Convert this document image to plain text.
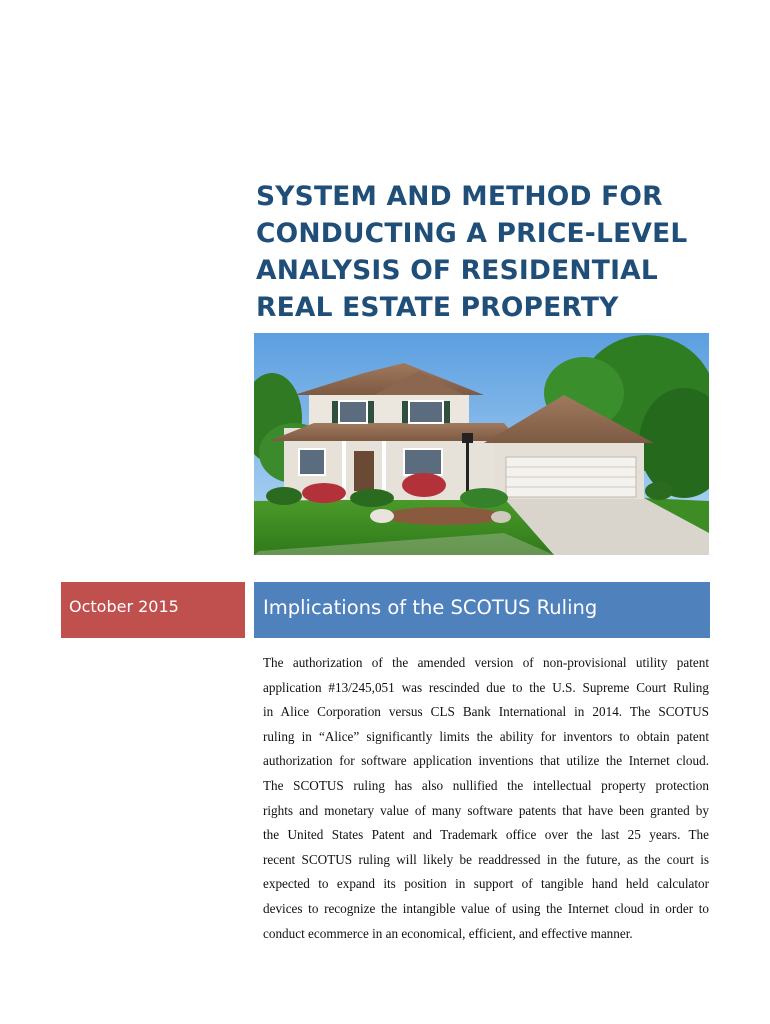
SYSTEM AND METHOD FOR
CONDUCTING A PRICE-LEVEL
ANALYSIS OF RESIDENTIAL
REAL ESTATE PROPERTY
October 2015	Implications of the SCOTUS Ruling
The authorization of the amended version of non-provisional utility patent
application #13/245,051 was rescinded due to the U.S. Supreme Court Ruling
in Alice Corporation versus CLS Bank International in 2014. The SCOTUS
ruling in “Alice” significantly limits the ability for inventors to obtain patent
authorization for software application inventions that utilize the Internet cloud.
The SCOTUS ruling has also nullified the intellectual property protection
rights and monetary value of many software patents that have been granted by
the United States Patent and Trademark office over the last 25 years. The
recent SCOTUS ruling will likely be readdressed in the future, as the court is
expected to expand its position in support of tangible hand held calculator
devices to recognize the intangible value of using the Internet cloud in order to
conduct ecommerce in an economical, efficient, and effective manner.
